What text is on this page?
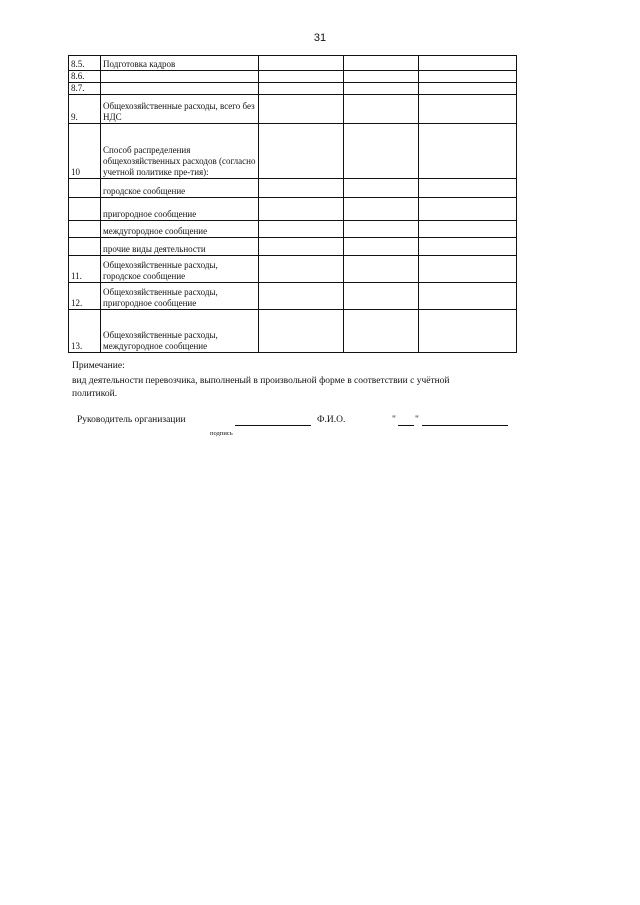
31
8.5.	Подготовка кадров			
8.6.				
8.7.				
9.	Общехозяйственные расходы, всего без НДС			
10	Способ распределения общехозяйственных расходов (согласно учетной политике пре-тия):			
	городское сообщение			
	пригородное сообщение			
	междугородное сообщение			
	прочие виды деятельности			
11.	Общехозяйственные расходы, городское сообщение			
12.	Общехозяйственные расходы, пригородное сообщение			
13.	Общехозяйственные расходы, междугородное сообщение			
Примечание:
вид деятельности перевозчика, выполненый в произвольной форме в соответствии с учётной
политикой.
Руководитель организации	Ф.И.О.	" "
подпись
